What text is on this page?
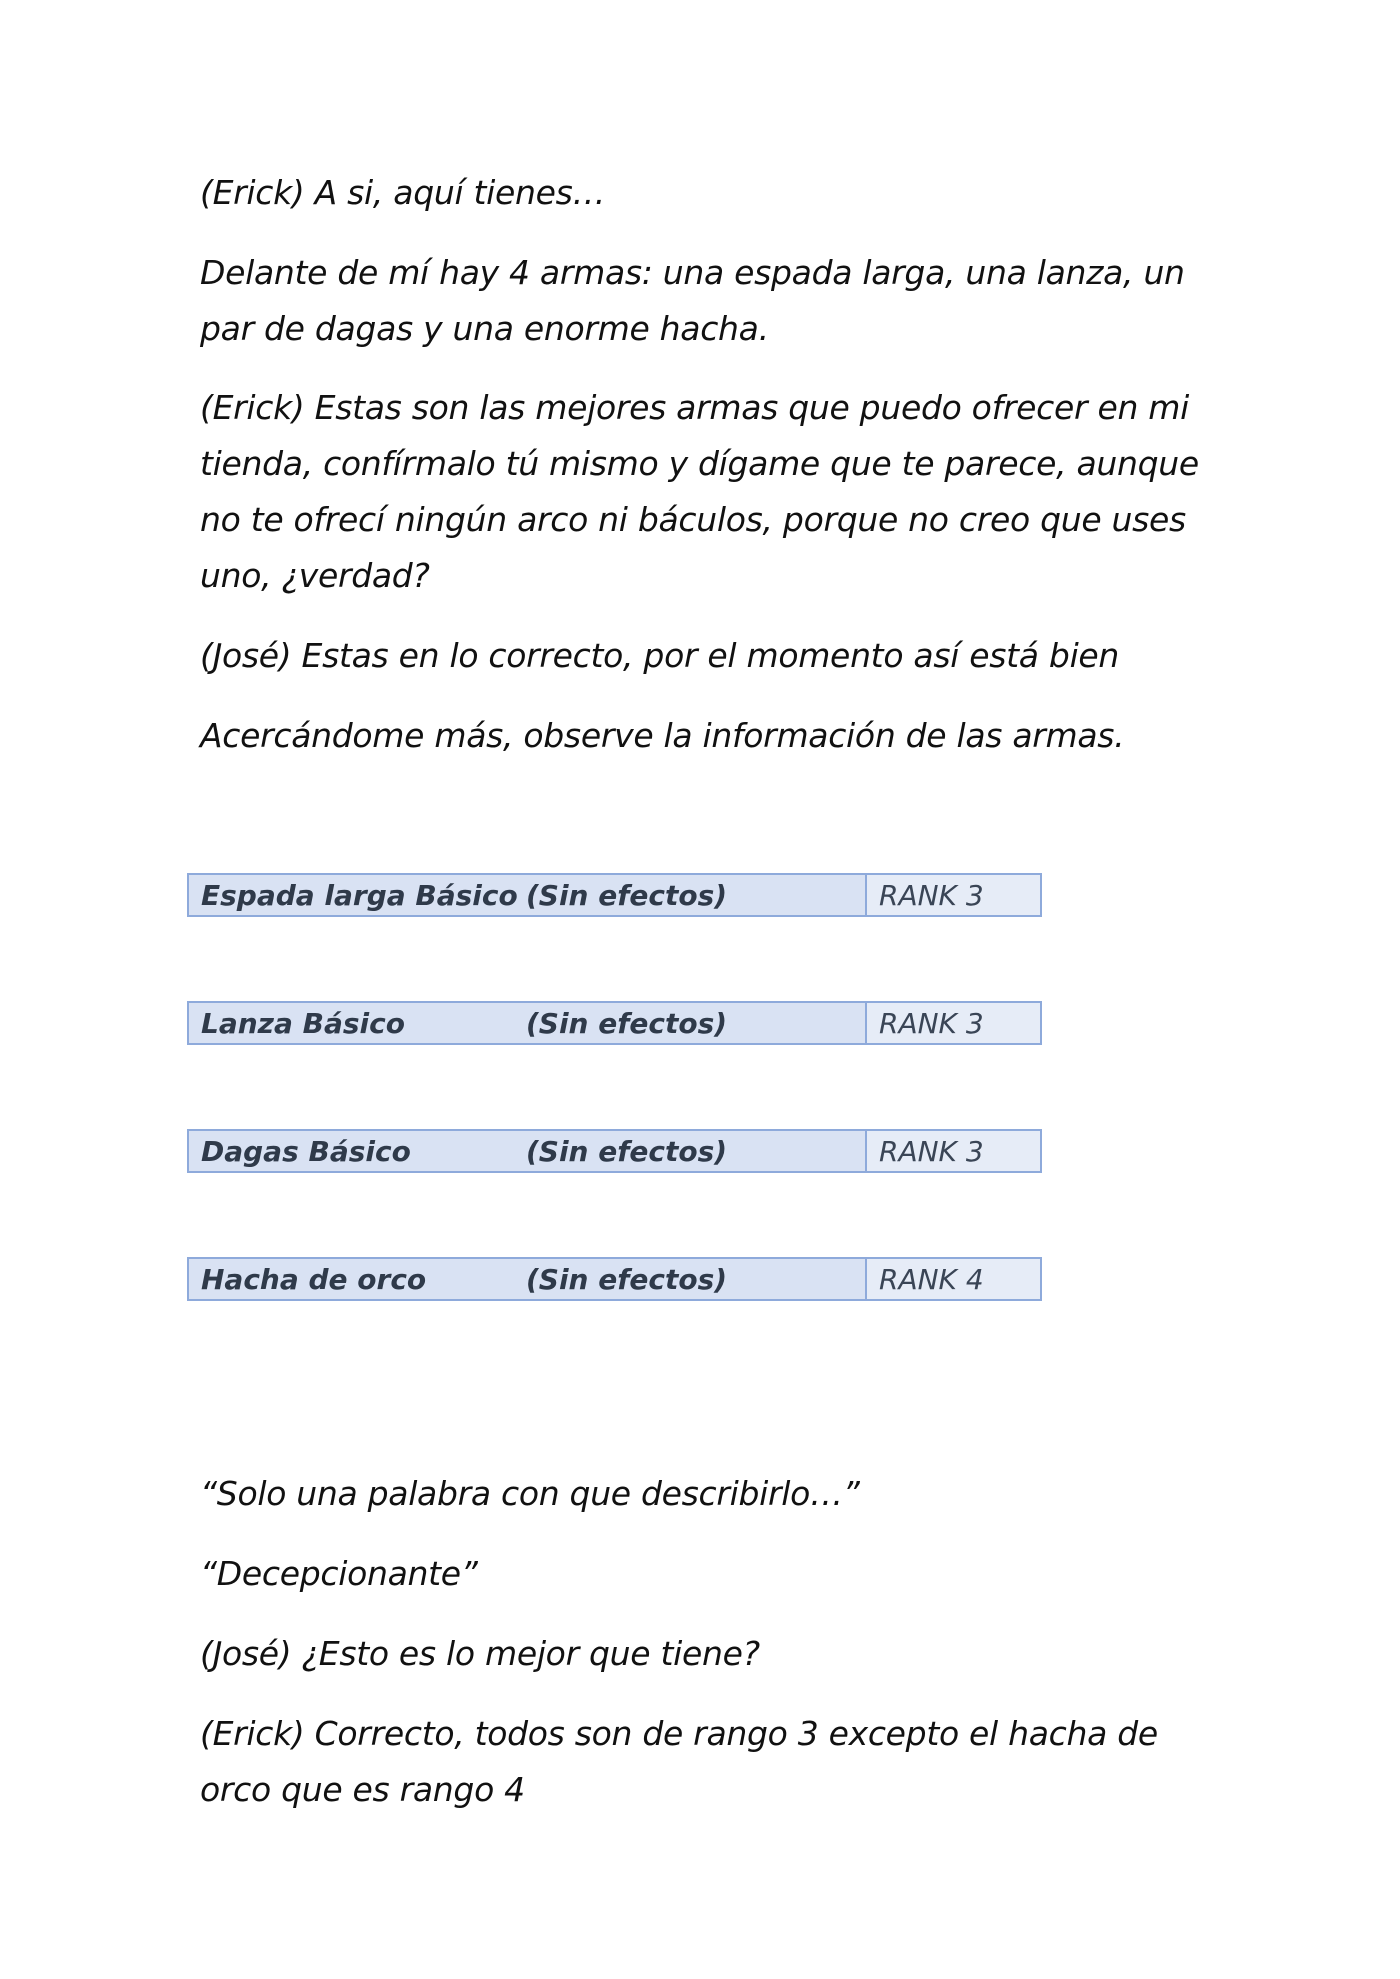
(Erick) A si, aquí tienes…

Delante de mí hay 4 armas: una espada larga, una lanza, un par de dagas y una enorme hacha.

(Erick) Estas son las mejores armas que puedo ofrecer en mi tienda, confírmalo tú mismo y dígame que te parece, aunque no te ofrecí ningún arco ni báculos, porque no creo que uses uno, ¿verdad?

(José) Estas en lo correcto, por el momento así está bien

Acercándome más, observe la información de las armas.

Espada larga Básico (Sin efectos)	RANK 3
Lanza Básico	(Sin efectos)	RANK 3
Dagas Básico	(Sin efectos)	RANK 3
Hacha de orco	(Sin efectos)	RANK 4

“Solo una palabra con que describirlo…”

“Decepcionante”

(José) ¿Esto es lo mejor que tiene?

(Erick) Correcto, todos son de rango 3 excepto el hacha de orco que es rango 4
